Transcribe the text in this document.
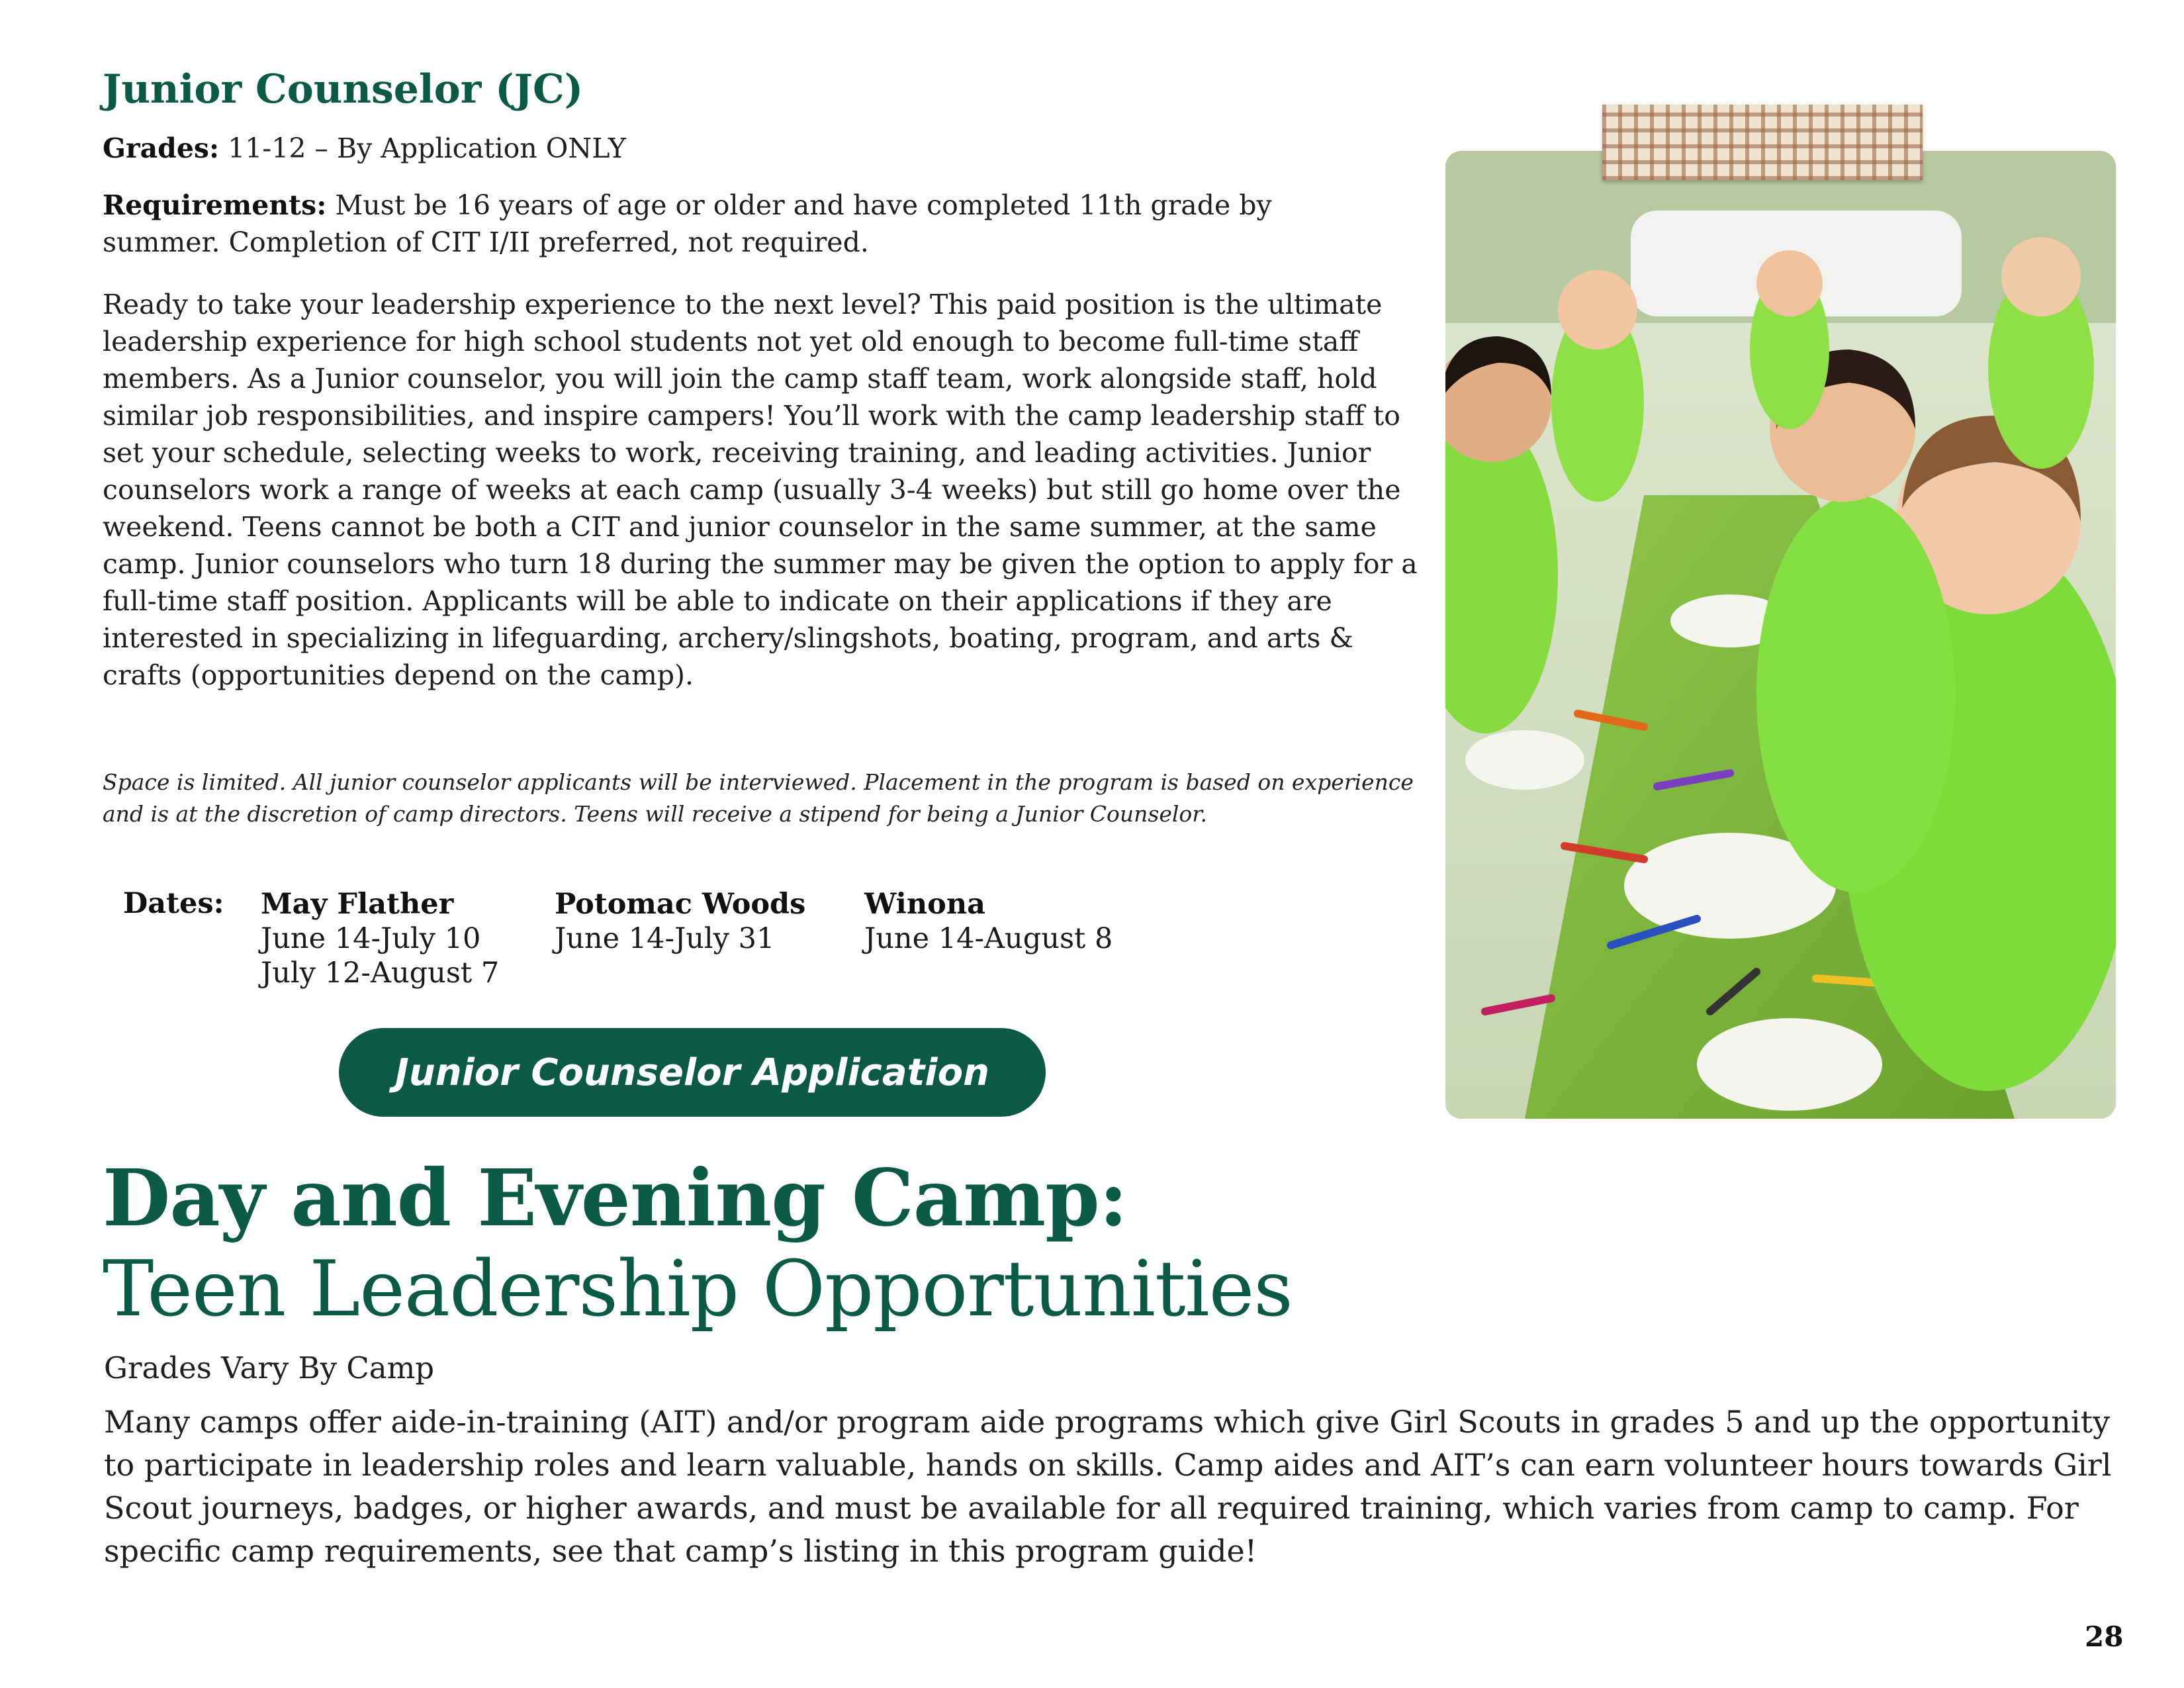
Junior Counselor (JC)

Grades: 11-12 – By Application ONLY

Requirements: Must be 16 years of age or older and have completed 11th grade by summer. Completion of CIT I/II preferred, not required.

Ready to take your leadership experience to the next level? This paid position is the ultimate leadership experience for high school students not yet old enough to become full-time staff members. As a Junior counselor, you will join the camp staff team, work alongside staff, hold similar job responsibilities, and inspire campers! You’ll work with the camp leadership staff to set your schedule, selecting weeks to work, receiving training, and leading activities. Junior counselors work a range of weeks at each camp (usually 3-4 weeks) but still go home over the weekend. Teens cannot be both a CIT and junior counselor in the same summer, at the same camp. Junior counselors who turn 18 during the summer may be given the option to apply for a full-time staff position. Applicants will be able to indicate on their applications if they are interested in specializing in lifeguarding, archery/slingshots, boating, program, and arts & crafts (opportunities depend on the camp).

Space is limited. All junior counselor applicants will be interviewed. Placement in the program is based on experience and is at the discretion of camp directors. Teens will receive a stipend for being a Junior Counselor.

Dates: May Flather
June 14-July 10
July 12-August 7
Potomac Woods
June 14-July 31
Winona
June 14-August 8
Junior Counselor Application
Day and Evening Camp:
Teen Leadership Opportunities

Grades Vary By Camp

Many camps offer aide-in-training (AIT) and/or program aide programs which give Girl Scouts in grades 5 and up the opportunity to participate in leadership roles and learn valuable, hands on skills. Camp aides and AIT’s can earn volunteer hours towards Girl Scout journeys, badges, or higher awards, and must be available for all required training, which varies from camp to camp. For specific camp requirements, see that camp’s listing in this program guide!

28
